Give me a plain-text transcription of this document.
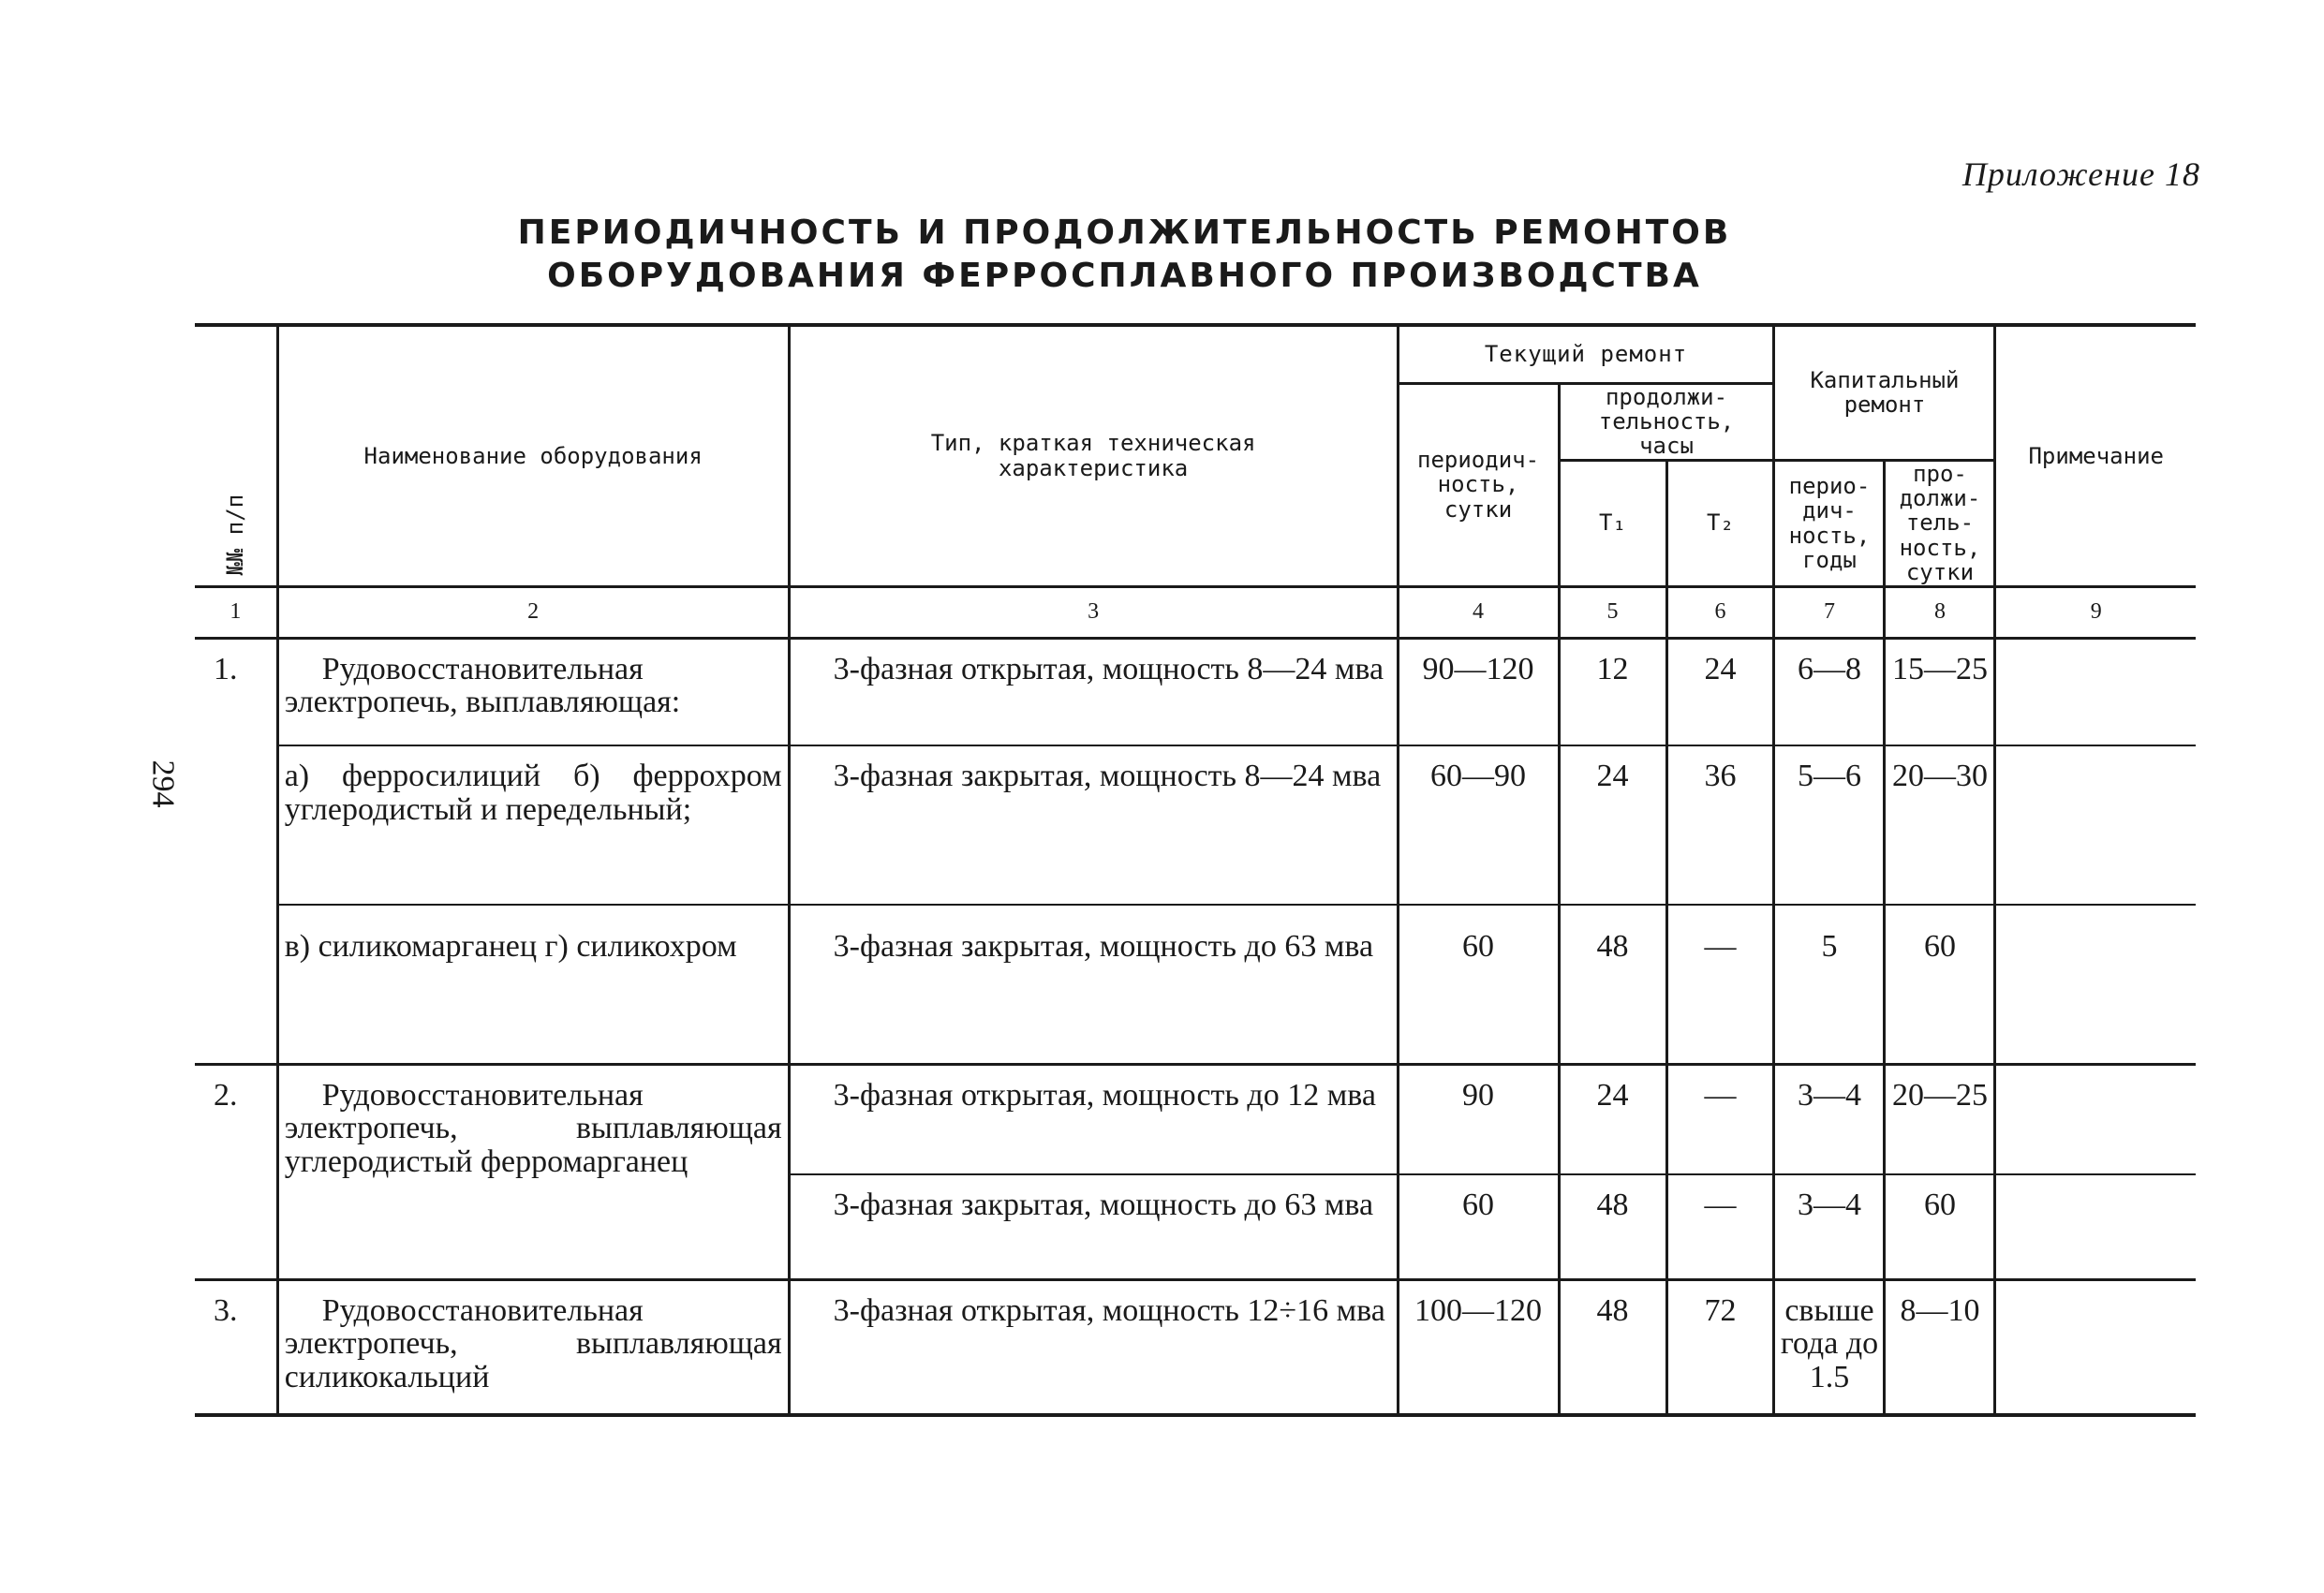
Приложение 18
ПЕРИОДИЧНОСТЬ И ПРОДОЛЖИТЕЛЬНОСТЬ РЕМОНТОВ
ОБОРУДОВАНИЯ ФЕРРОСПЛАВНОГО ПРОИЗВОДСТВА
294
№№ п/п	Наименование оборудования	Тип, краткая техническая характеристика	Текущий ремонт			Капитальный ремонт		Примечание
			периодич-ность, сутки	продолжи-тельность, часы				
				T₁	T₂	перио-дич-ность, годы	про-должи-тель-ность, сутки	
1	2	3	4	5	6	7	8	9
1.	Рудовосстановительная электропечь, выплавляющая:	3-фазная открытая, мощность 8—24 мва	90—120	12	24	6—8	15—25	
	а) ферросилиций б) феррохром углеродистый и передельный;	3-фазная закрытая, мощность 8—24 мва	60—90	24	36	5—6	20—30	
	в) силикомарганец г) силикохром	3-фазная закрытая, мощность до 63 мва	60	48	—	5	60	
2.	Рудовосстановительная электропечь, выплавляющая углеродистый ферромарганец	3-фазная открытая, мощность до 12 мва	90	24	—	3—4	20—25	
		3-фазная закрытая, мощность до 63 мва	60	48	—	3—4	60	
3.	Рудовосстановительная электропечь, выплавляющая силикокальций	3-фазная открытая, мощность 12÷16 мва	100—120	48	72	свыше года до 1.5	8—10	
